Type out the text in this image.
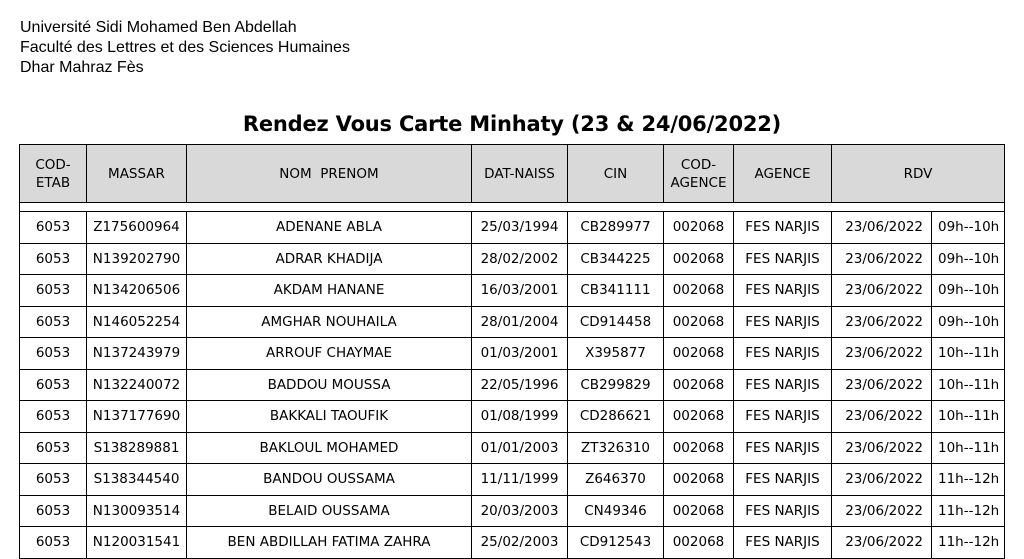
Université Sidi Mohamed Ben Abdellah
Faculté des Lettres et des Sciences Humaines
Dhar Mahraz Fès
Rendez Vous Carte Minhaty (23 & 24/06/2022)
COD-
ETAB	MASSAR	NOM  PRENOM	DAT-NAISS	CIN	COD-
AGENCE	AGENCE	RDV	

6053	Z175600964	ADENANE ABLA	25/03/1994	CB289977	002068	FES NARJIS	23/06/2022	09h--10h
6053	N139202790	ADRAR KHADIJA	28/02/2002	CB344225	002068	FES NARJIS	23/06/2022	09h--10h
6053	N134206506	AKDAM HANANE	16/03/2001	CB341111	002068	FES NARJIS	23/06/2022	09h--10h
6053	N146052254	AMGHAR NOUHAILA	28/01/2004	CD914458	002068	FES NARJIS	23/06/2022	09h--10h
6053	N137243979	ARROUF CHAYMAE	01/03/2001	X395877	002068	FES NARJIS	23/06/2022	10h--11h
6053	N132240072	BADDOU MOUSSA	22/05/1996	CB299829	002068	FES NARJIS	23/06/2022	10h--11h
6053	N137177690	BAKKALI TAOUFIK	01/08/1999	CD286621	002068	FES NARJIS	23/06/2022	10h--11h
6053	S138289881	BAKLOUL MOHAMED	01/01/2003	ZT326310	002068	FES NARJIS	23/06/2022	10h--11h
6053	S138344540	BANDOU OUSSAMA	11/11/1999	Z646370	002068	FES NARJIS	23/06/2022	11h--12h
6053	N130093514	BELAID OUSSAMA	20/03/2003	CN49346	002068	FES NARJIS	23/06/2022	11h--12h
6053	N120031541	BEN ABDILLAH FATIMA ZAHRA	25/02/2003	CD912543	002068	FES NARJIS	23/06/2022	11h--12h
